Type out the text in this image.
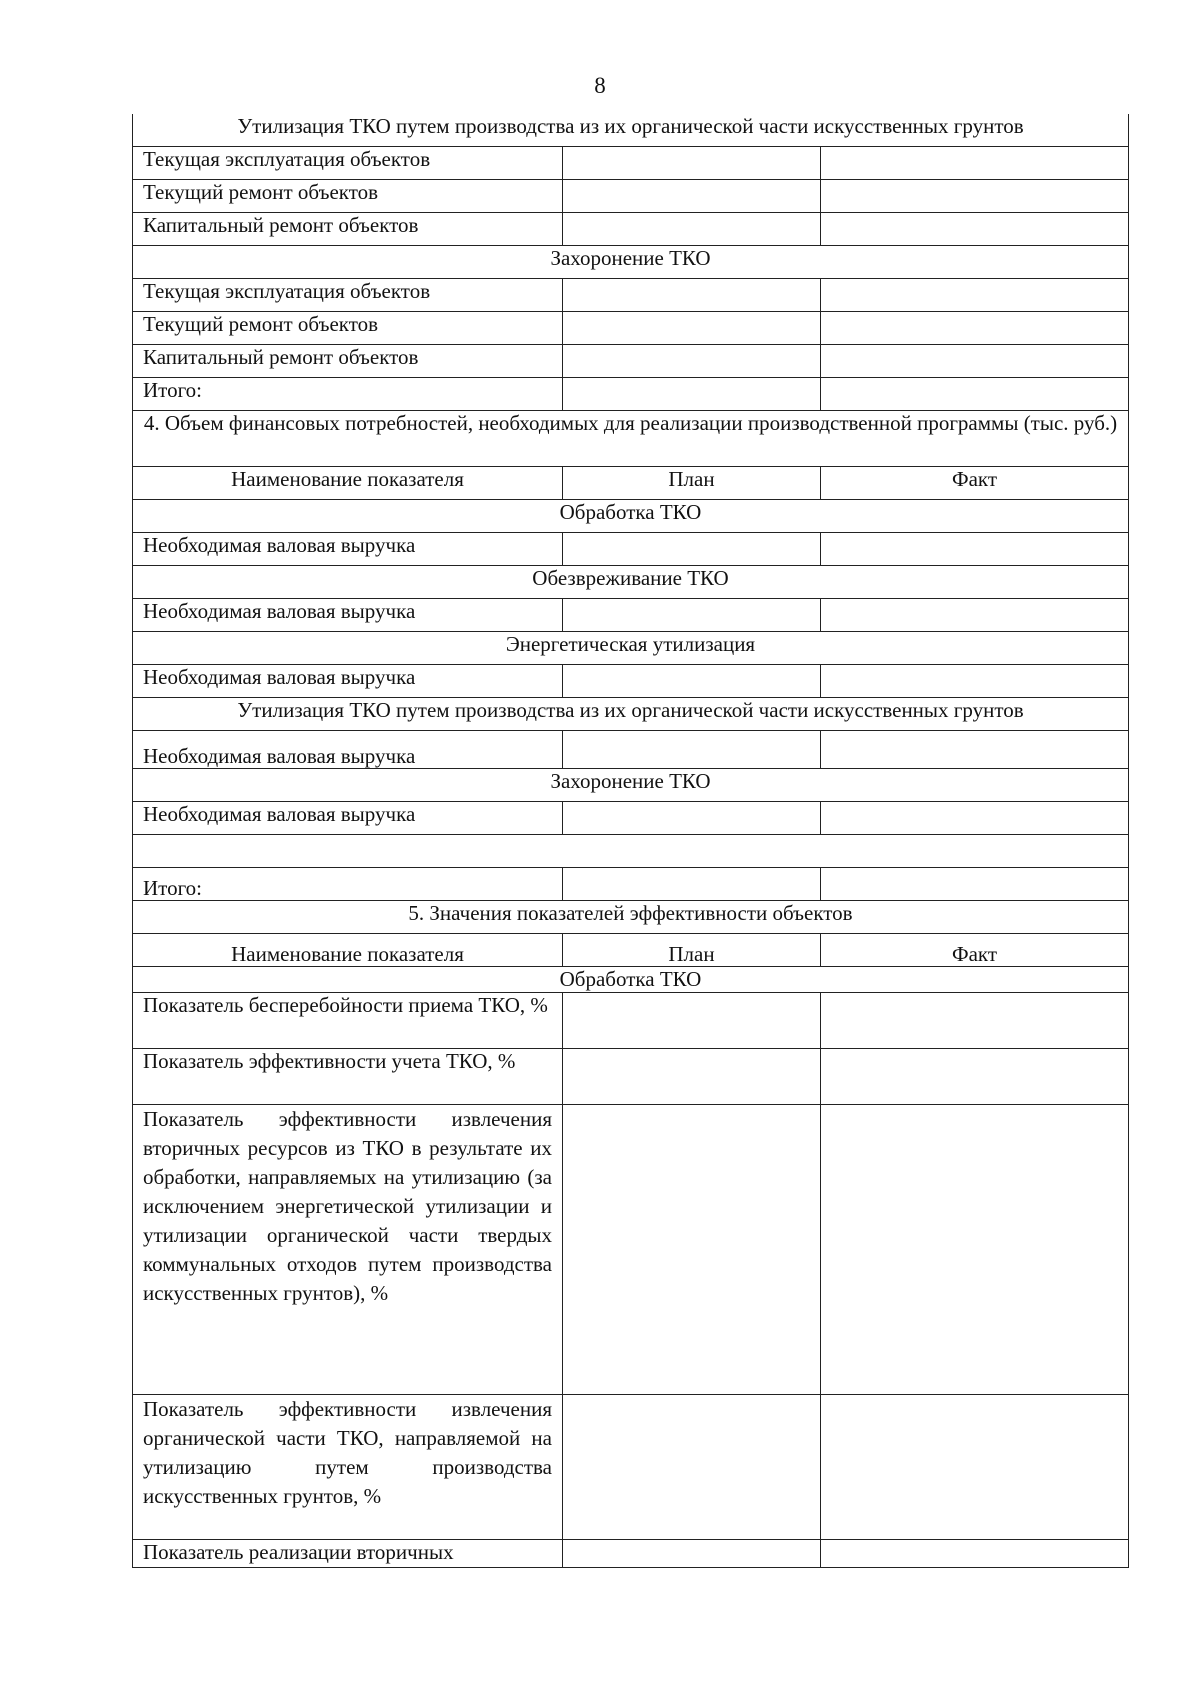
8
Утилизация ТКО путем производства из их органической части искусственных грунтов		
Текущая эксплуатация объектов		
Текущий ремонт объектов		
Капитальный ремонт объектов		
Захоронение ТКО		
Текущая эксплуатация объектов		
Текущий ремонт объектов		
Капитальный ремонт объектов		
Итого:		
4. Объем финансовых потребностей, необходимых для реализации производственной программы (тыс. руб.)		
Наименование показателя	План	Факт
Обработка ТКО		
Необходимая валовая выручка		
Обезвреживание ТКО		
Необходимая валовая выручка		
Энергетическая утилизация		
Необходимая валовая выручка		
Утилизация ТКО путем производства из их органической части искусственных грунтов		
Необходимая валовая выручка		
Захоронение ТКО		
Необходимая валовая выручка		

Итого:		
5. Значения показателей эффективности объектов		
Наименование показателя	План	Факт
Обработка ТКО		
Показатель бесперебойности приема ТКО, %		
Показатель эффективности учета ТКО, %		
Показатель эффективности извлечения вторичных ресурсов из ТКО в результате их обработки, направляемых на утилизацию (за исключением энергетической утилизации и утилизации органической части твердых коммунальных отходов путем производства искусственных грунтов), %		
Показатель эффективности извлечения органической части ТКО, направляемой на утилизацию путем производства искусственных грунтов, %		
Показатель реализации вторичных		
